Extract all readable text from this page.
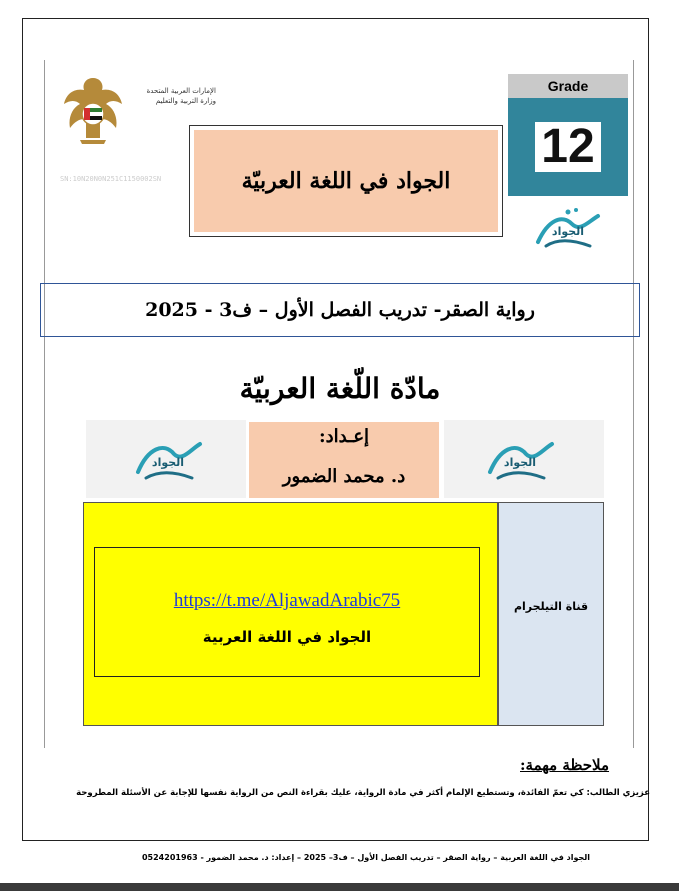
الإمارات العربية المتحدة
وزارة التربية والتعليم
SN:10N20N0N251C1150002SN	الجواد في اللغة العربيّة
Grade
12
الجواد
رواية الصقر- تدريب الفصل الأول – ف3 - 2025
مادّة اللّغة العربيّة
الجواد	الجواد
إعـداد:
د. محمد الضمور
https://t.me/AljawadArabic75
الجواد في اللغة العربية
قناة التيلجرام
ملاحظة مهمة:
عزيزي الطالب: كي تعمّ الفائدة، وتستطيع الإلمام أكثر في مادة الرواية، عليك بقراءة النص من الرواية نفسها للإجابة عن الأسئلة المطروحة
الجواد في اللغة العربية – رواية الصقر – تدريب الفصل الأول – ف3– 2025 – إعداد: د. محمد الضمور - 0524201963
